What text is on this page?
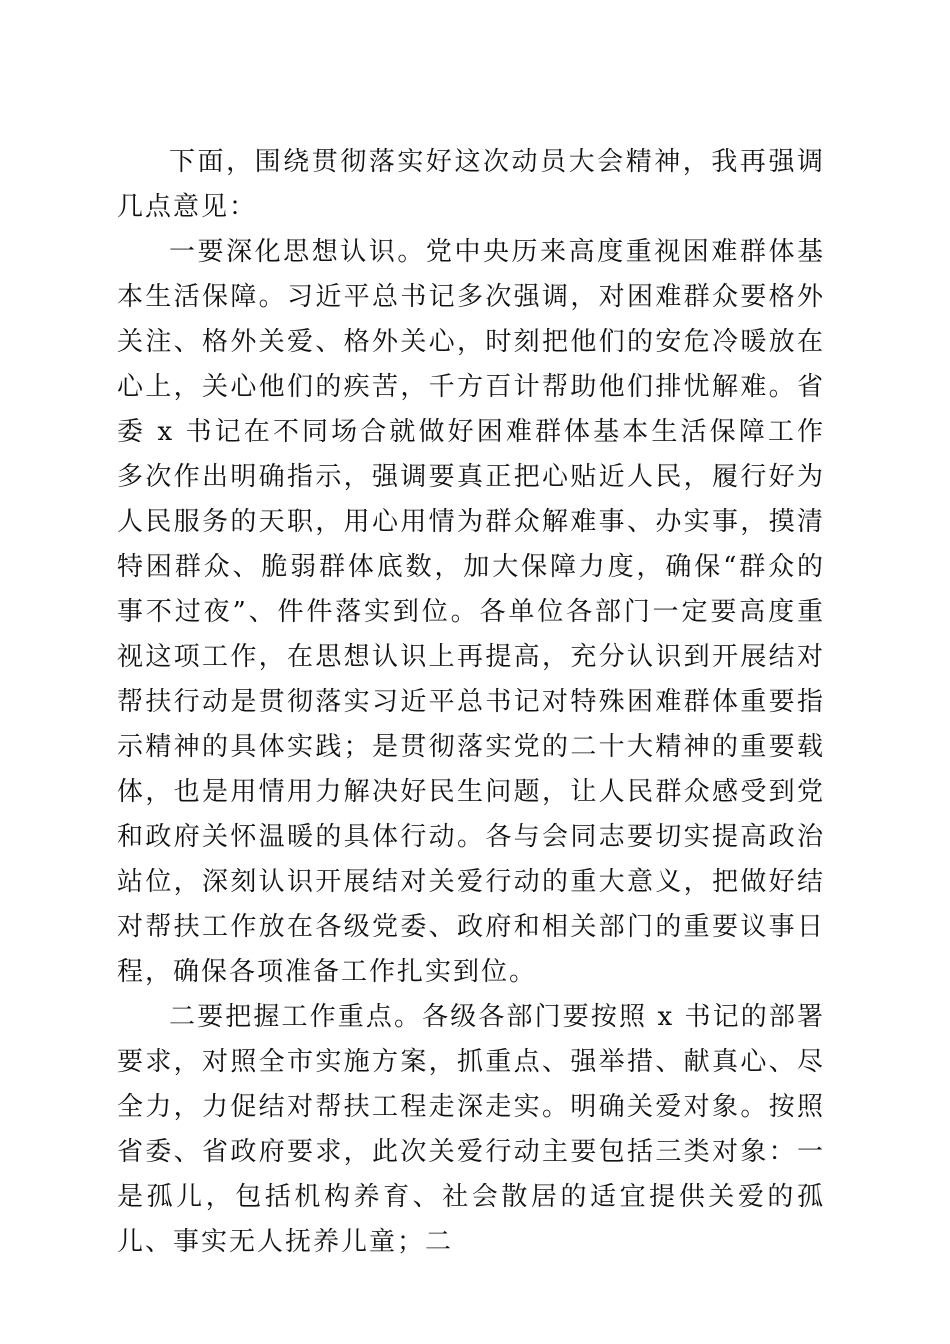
下面，围绕贯彻落实好这次动员大会精神，我再强调几点意见：

一要深化思想认识。党中央历来高度重视困难群体基本生活保障。习近平总书记多次强调，对困难群众要格外关注、格外关爱、格外关心，时刻把他们的安危冷暖放在心上，关心他们的疾苦，千方百计帮助他们排忧解难。省委 x 书记在不同场合就做好困难群体基本生活保障工作多次作出明确指示，强调要真正把心贴近人民，履行好为人民服务的天职，用心用情为群众解难事、办实事，摸清特困群众、脆弱群体底数，加大保障力度，确保“群众的事不过夜”、件件落实到位。各单位各部门一定要高度重视这项工作，在思想认识上再提高，充分认识到开展结对帮扶行动是贯彻落实习近平总书记对特殊困难群体重要指示精神的具体实践；是贯彻落实党的二十大精神的重要载体，也是用情用力解决好民生问题，让人民群众感受到党和政府关怀温暖的具体行动。各与会同志要切实提高政治站位，深刻认识开展结对关爱行动的重大意义，把做好结对帮扶工作放在各级党委、政府和相关部门的重要议事日程，确保各项准备工作扎实到位。

二要把握工作重点。各级各部门要按照 x 书记的部署要求，对照全市实施方案，抓重点、强举措、献真心、尽全力，力促结对帮扶工程走深走实。明确关爱对象。按照省委、省政府要求，此次关爱行动主要包括三类对象：一是孤儿，包括机构养育、社会散居的适宜提供关爱的孤儿、事实无人抚养儿童；二
